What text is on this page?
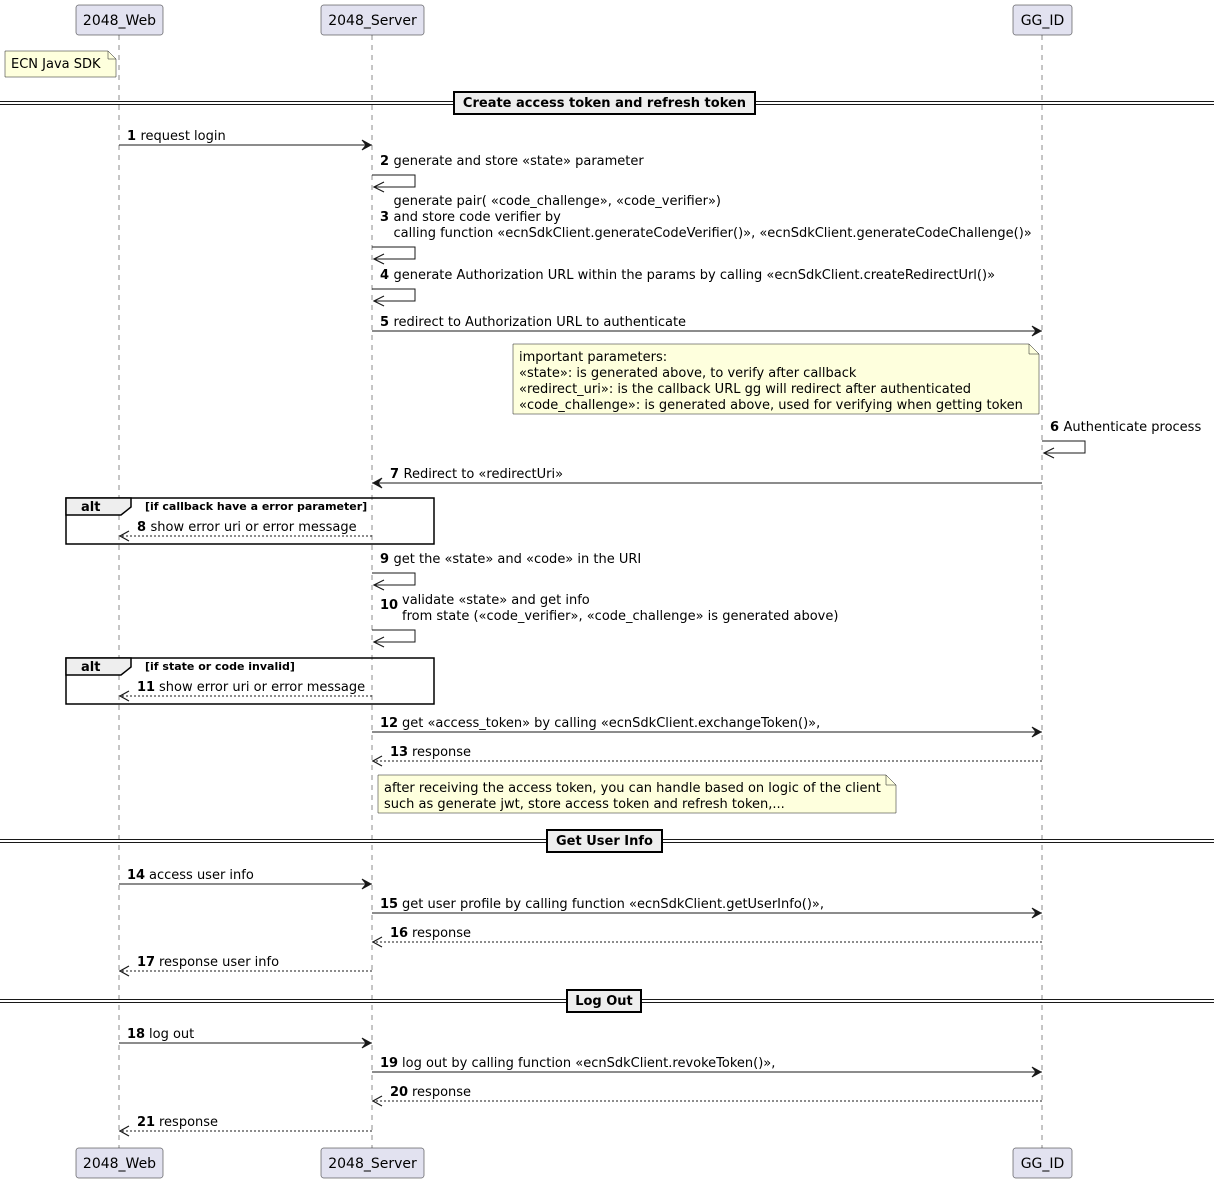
2048_Web
2048_Web
2048_Server
2048_Server
GG_ID
GG_ID
ECN Java SDK
Create access token and refresh token
Get User Info
Log Out
alt	[if callback have a error parameter]
alt	[if state or code invalid]
important parameters:
«state»: is generated above, to verify after callback
«redirect_uri»: is the callback URL gg will redirect after authenticated
«code_challenge»: is generated above, used for verifying when getting token
after receiving the access token, you can handle based on logic of the client
such as generate jwt, store access token and refresh token,...
1 request login
2 generate and store «state» parameter
3
generate pair( «code_challenge», «code_verifier»)
and store code verifier by
calling function «ecnSdkClient.generateCodeVerifier()», «ecnSdkClient.generateCodeChallenge()»
4 generate Authorization URL within the params by calling «ecnSdkClient.createRedirectUrl()»
5 redirect to Authorization URL to authenticate
6 Authenticate process
7 Redirect to «redirectUri»
8 show error uri or error message
9 get the «state» and «code» in the URI
10 validate «state» and get info
from state («code_verifier», «code_challenge» is generated above)
11 show error uri or error message
12 get «access_token» by calling «ecnSdkClient.exchangeToken()»,
13 response
14 access user info
15 get user profile by calling function «ecnSdkClient.getUserInfo()»,
16 response
17 response user info
18 log out
19 log out by calling function «ecnSdkClient.revokeToken()»,
20 response
21 response
